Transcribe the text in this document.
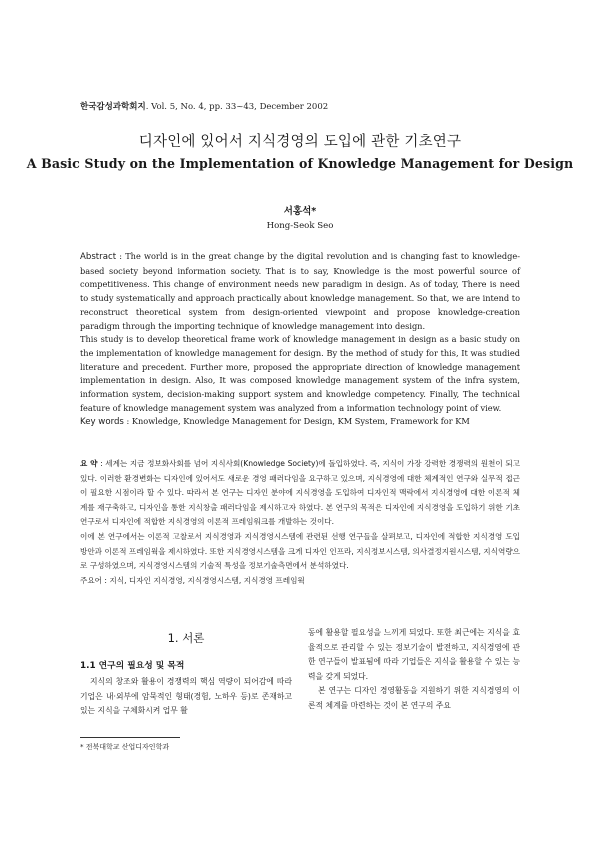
한국감성과학회지. Vol. 5, No. 4, pp. 33~43, December 2002
디자인에 있어서 지식경영의 도입에 관한 기초연구
A Basic Study on the Implementation of Knowledge Management for Design
서홍석*
Hong-Seok Seo

Abstract : The world is in the great change by the digital revolution and is changing fast to knowledge-based society beyond information society. That is to say, Knowledge is the most powerful source of competitiveness. This change of environment needs new paradigm in design. As of today, There is need to study systematically and approach practically about knowledge management. So that, we are intend to reconstruct theoretical system from design-oriented viewpoint and propose knowledge-creation paradigm through the importing technique of knowledge management into design.

This study is to develop theoretical frame work of knowledge management in design as a basic study on the implementation of knowledge management for design. By the method of study for this, It was studied literature and precedent. Further more, proposed the appropriate direction of knowledge management implementation in design. Also, It was composed knowledge management system of the infra system, information system, decision-making support system and knowledge competency. Finally, The technical feature of knowledge management system was analyzed from a information technology point of view.

Key words : Knowledge, Knowledge Management for Design, KM System, Framework for KM

요 약 : 세계는 지금 정보화사회를 넘어 지식사회(Knowledge Society)에 돌입하였다. 즉, 지식이 가장 강력한 경쟁력의 원천이 되고 있다. 이러한 환경변화는 디자인에 있어서도 새로운 경영 패러다임을 요구하고 있으며, 지식경영에 대한 체계적인 연구와 실무적 접근이 필요한 시점이라 할 수 있다. 따라서 본 연구는 디자인 분야에 지식경영을 도입하여 디자인적 맥락에서 지식경영에 대한 이론적 체계를 재구축하고, 디자인을 통한 지식창출 패러다임을 제시하고자 하였다. 본 연구의 목적은 디자인에 지식경영을 도입하기 위한 기초 연구로서 디자인에 적합한 지식경영의 이론적 프레임워크를 개발하는 것이다.

이에 본 연구에서는 이론적 고찰로서 지식경영과 지식경영시스템에 관련된 선행 연구들을 살펴보고, 디자인에 적합한 지식경영 도입 방안과 이론적 프레임웍을 제시하였다. 또한 지식경영시스템을 크게 디자인 인프라, 지식정보시스템, 의사결정지원시스템, 지식역량으로 구성하였으며, 지식경영시스템의 기술적 특성을 정보기술측면에서 분석하였다.

주요어 : 지식, 디자인 지식경영, 지식경영시스템, 지식경영 프레임웍

1. 서론
1.1 연구의 필요성 및 목적

지식의 창조와 활용이 경쟁력의 핵심 역량이 되어감에 따라 기업은 내·외부에 암묵적인 형태(경험, 노하우 등)로 존재하고 있는 지식을 구체화시켜 업무 활

동에 활용할 필요성을 느끼게 되었다. 또한 최근에는 지식을 효율적으로 관리할 수 있는 정보기술이 발전하고, 지식경영에 관한 연구들이 발표됨에 따라 기업들은 지식을 활용할 수 있는 능력을 갖게 되었다.

본 연구는 디자인 경영활동을 지원하기 위한 지식경영의 이론적 체계를 마련하는 것이 본 연구의 주요

* 전북대학교 산업디자인학과
